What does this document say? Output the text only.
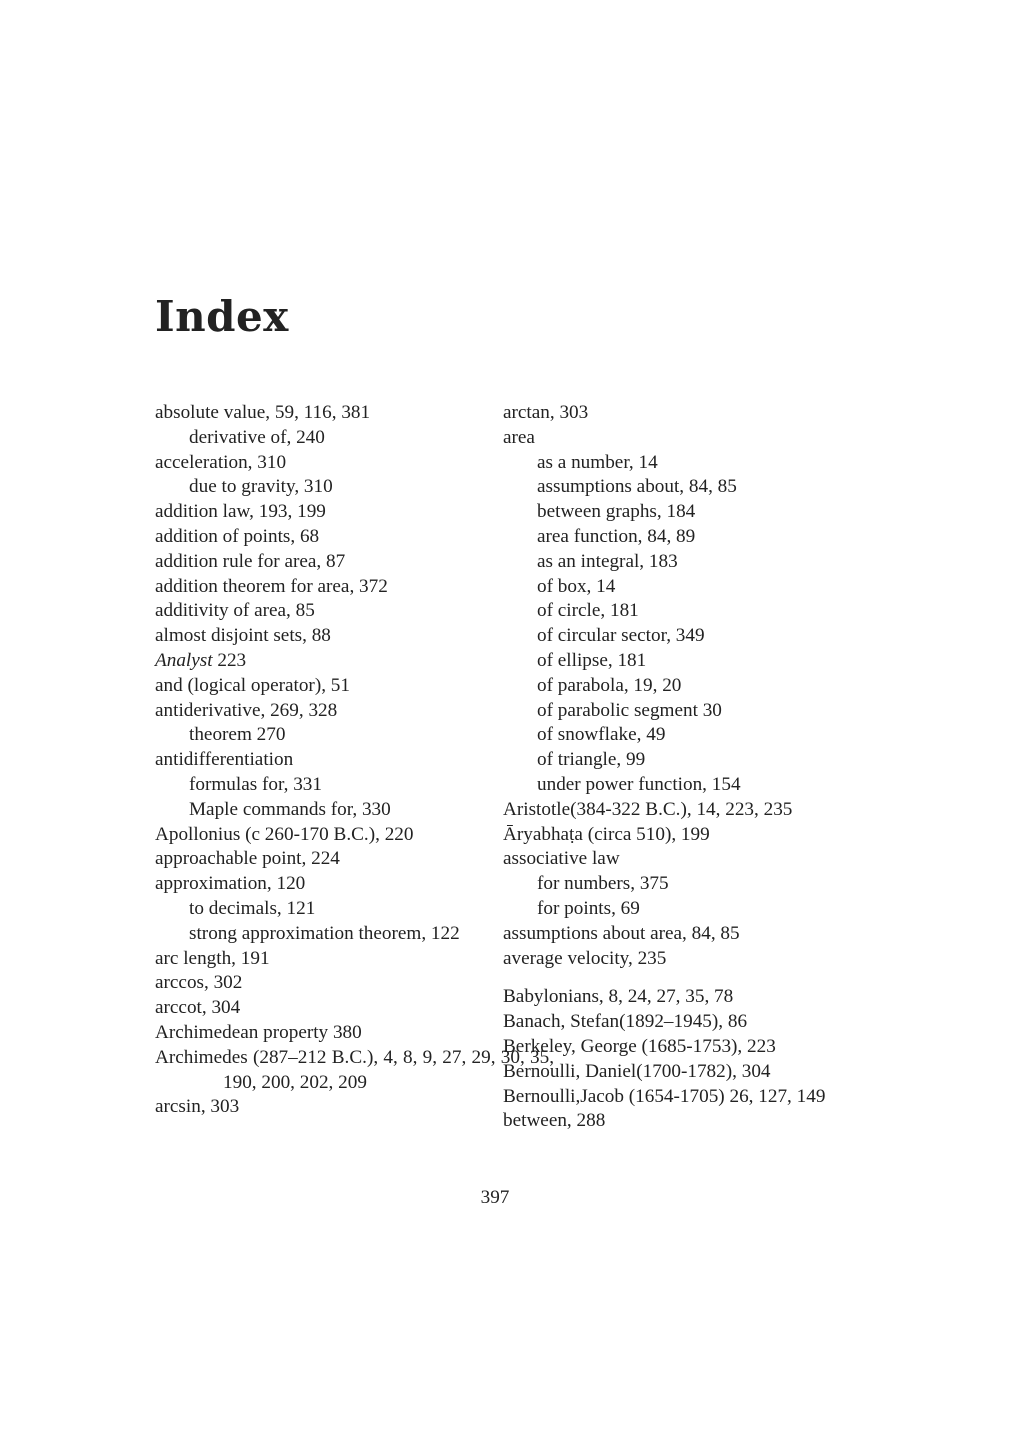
Index
absolute value, 59, 116, 381
derivative of, 240
acceleration, 310
due to gravity, 310
addition law, 193, 199
addition of points, 68
addition rule for area, 87
addition theorem for area, 372
additivity of area, 85
almost disjoint sets, 88
Analyst 223
and (logical operator), 51
antiderivative, 269, 328
theorem 270
antidifferentiation
formulas for, 331
Maple commands for, 330
Apollonius (c 260-170 B.C.), 220
approachable point, 224
approximation, 120
to decimals, 121
strong approximation theorem, 122
arc length, 191
arccos, 302
arccot, 304
Archimedean property 380
Archimedes (287–212 B.C.), 4, 8, 9, 27, 29, 30, 35, 190, 200, 202, 209
arcsin, 303
arctan, 303
area
as a number, 14
assumptions about, 84, 85
between graphs, 184
area function, 84, 89
as an integral, 183
of box, 14
of circle, 181
of circular sector, 349
of ellipse, 181
of parabola, 19, 20
of parabolic segment 30
of snowflake, 49
of triangle, 99
under power function, 154
Aristotle(384-322 B.C.), 14, 223, 235
Āryabhaṭa (circa 510), 199
associative law
for numbers, 375
for points, 69
assumptions about area, 84, 85
average velocity, 235
Babylonians, 8, 24, 27, 35, 78
Banach, Stefan(1892–1945), 86
Berkeley, George (1685-1753), 223
Bernoulli, Daniel(1700-1782), 304
Bernoulli,Jacob (1654-1705) 26, 127, 149
between, 288
397
